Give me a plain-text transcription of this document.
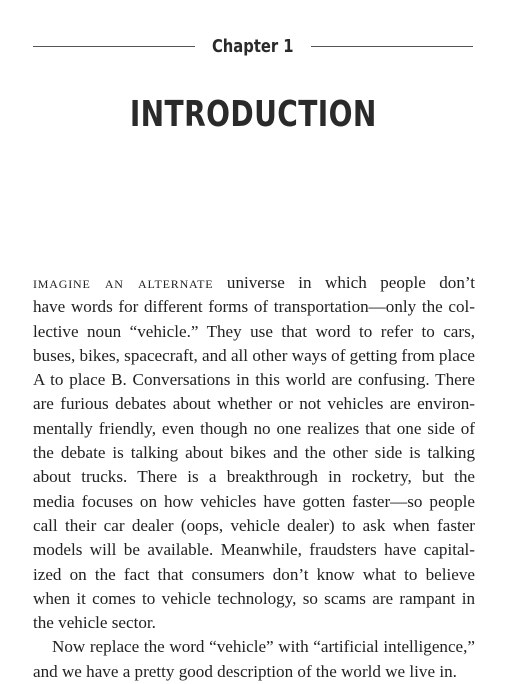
Chapter 1
INTRODUCTION
imagine an alternate universe in which people don’t
have words for different forms of transportation—only the col-
lective noun “vehicle.” They use that word to refer to cars,
buses, bikes, spacecraft, and all other ways of getting from place
A to place B. Conversations in this world are confusing. There
are furious debates about whether or not vehicles are environ-
mentally friendly, even though no one realizes that one side of
the debate is talking about bikes and the other side is talking
about trucks. There is a breakthrough in rocketry, but the
media focuses on how vehicles have gotten faster—so people
call their car dealer (oops, vehicle dealer) to ask when faster
models will be available. Meanwhile, fraudsters have capital-
ized on the fact that consumers don’t know what to believe
when it comes to vehicle technology, so scams are rampant in
the vehicle sector.
Now replace the word “vehicle” with “artificial intelligence,”
and we have a pretty good description of the world we live in.
